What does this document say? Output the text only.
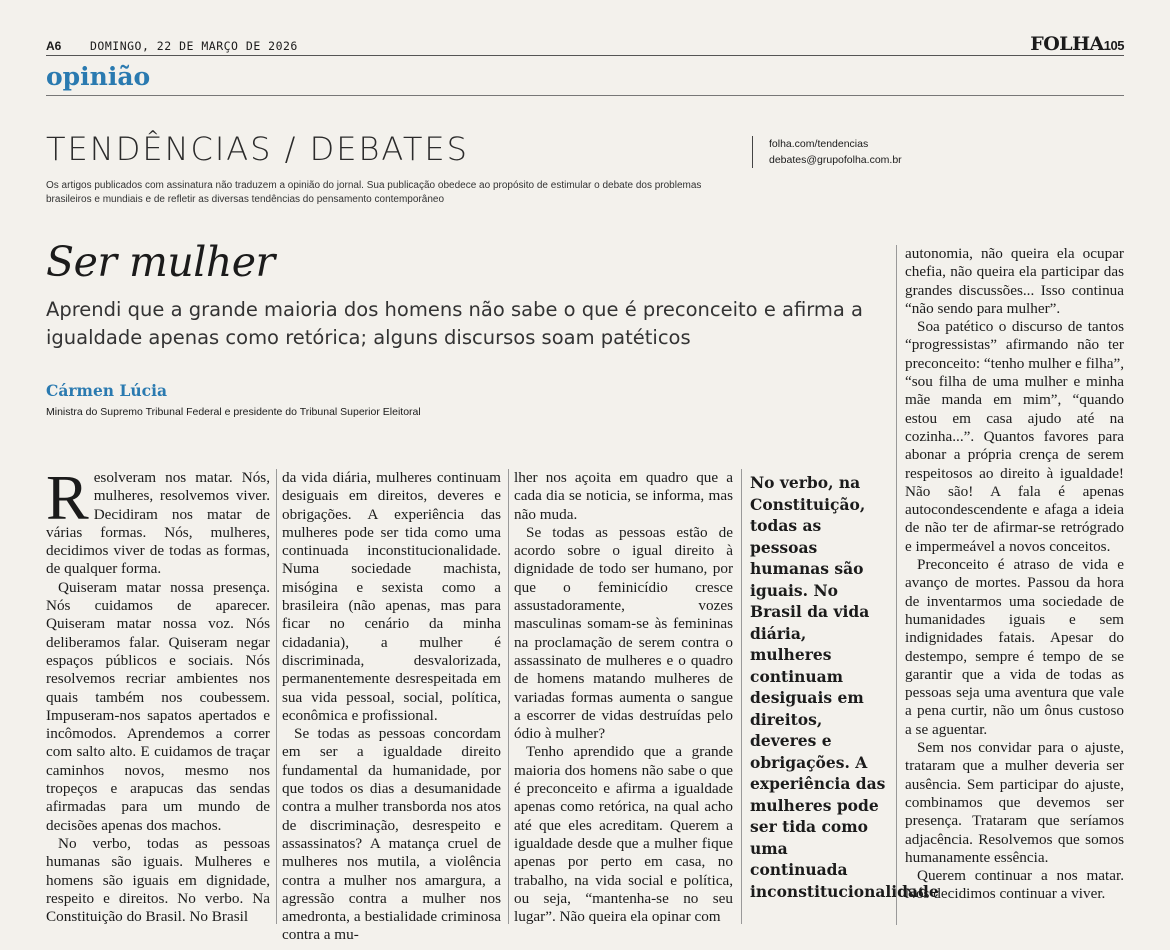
A6 DOMINGO, 22 DE MARÇO DE 2026	FOLHA105
opinião
TENDÊNCIAS / DEBATES
Os artigos publicados com assinatura não traduzem a opinião do jornal. Sua publicação obedece ao propósito de estimular o debate dos problemas brasileiros e mundiais e de refletir as diversas tendências do pensamento contemporâneo
folha.com/tendencias
debates@grupofolha.com.br
Ser mulher
Aprendi que a grande maioria dos homens não sabe o que é preconceito e afirma a igualdade apenas como retórica; alguns discursos soam patéticos
Cármen Lúcia
Ministra do Supremo Tribunal Federal e presidente do Tribunal Superior Eleitoral

Resolveram nos matar. Nós, mulheres, resolvemos viver. Decidiram nos matar de várias formas. Nós, mulheres, decidimos viver de todas as formas, de qualquer forma.

Quiseram matar nossa presença. Nós cuidamos de aparecer. Quiseram matar nossa voz. Nós deliberamos falar. Quiseram negar espaços públicos e sociais. Nós resolvemos recriar ambientes nos quais também nos coubessem. Impuseram-nos sapatos apertados e incômodos. Aprendemos a correr com salto alto. E cuidamos de traçar caminhos novos, mesmo nos tropeços e arapucas das sendas afirmadas para um mundo de decisões apenas dos machos.

No verbo, todas as pessoas humanas são iguais. Mulheres e homens são iguais em dignidade, respeito e direitos. No verbo. Na Constituição do Brasil. No Brasil

da vida diária, mulheres continuam desiguais em direitos, deveres e obrigações. A experiência das mulheres pode ser tida como uma continuada inconstitucionalidade. Numa sociedade machista, misógina e sexista como a brasileira (não apenas, mas para ficar no cenário da minha cidadania), a mulher é discriminada, desvalorizada, permanentemente desrespeitada em sua vida pessoal, social, política, econômica e profissional.

Se todas as pessoas concordam em ser a igualdade direito fundamental da humanidade, por que todos os dias a desumanidade contra a mulher transborda nos atos de discriminação, desrespeito e assassinatos? A matança cruel de mulheres nos mutila, a violência contra a mulher nos amargura, a agressão contra a mulher nos amedronta, a bestialidade criminosa contra a mu-

lher nos açoita em quadro que a cada dia se noticia, se informa, mas não muda.

Se todas as pessoas estão de acordo sobre o igual direito à dignidade de todo ser humano, por que o feminicídio cresce assustadoramente, vozes masculinas somam-se às femininas na proclamação de serem contra o assassinato de mulheres e o quadro de homens matando mulheres de variadas formas aumenta o sangue a escorrer de vidas destruídas pelo ódio à mulher?

Tenho aprendido que a grande maioria dos homens não sabe o que é preconceito e afirma a igualdade apenas como retórica, na qual acho até que eles acreditam. Querem a igualdade desde que a mulher fique apenas por perto em casa, no trabalho, na vida social e política, ou seja, “mantenha-se no seu lugar”. Não queira ela opinar com

No verbo, na Constituição, todas as pessoas humanas são iguais. No Brasil da vida diária, mulheres continuam desiguais em direitos, deveres e obrigações. A experiência das mulheres pode ser tida como uma continuada inconstitucionalidade

autonomia, não queira ela ocupar chefia, não queira ela participar das grandes discussões... Isso continua “não sendo para mulher”.

Soa patético o discurso de tantos “progressistas” afirmando não ter preconceito: “tenho mulher e filha”, “sou filha de uma mulher e minha mãe manda em mim”, “quando estou em casa ajudo até na cozinha...”. Quantos favores para abonar a própria crença de serem respeitosos ao direito à igualdade! Não são! A fala é apenas autocondescendente e afaga a ideia de não ter de afirmar-se retrógrado e impermeável a novos conceitos.

Preconceito é atraso de vida e avanço de mortes. Passou da hora de inventarmos uma sociedade de humanidades iguais e sem indignidades fatais. Apesar do destempo, sempre é tempo de se garantir que a vida de todas as pessoas seja uma aventura que vale a pena curtir, não um ônus custoso a se aguentar.

Sem nos convidar para o ajuste, trataram que a mulher deveria ser ausência. Sem participar do ajuste, combinamos que devemos ser presença. Trataram que seríamos adjacência. Resolvemos que somos humanamente essência.

Querem continuar a nos matar. Nós decidimos continuar a viver.
